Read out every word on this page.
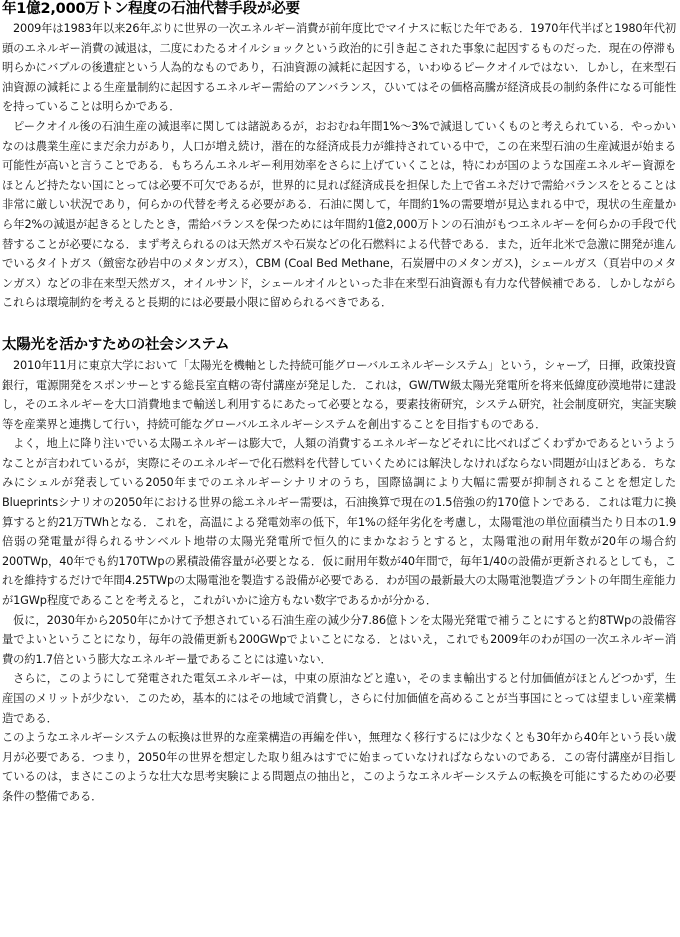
年1億2,000万トン程度の石油代替手段が必要

2009年は1983年以来26年ぶりに世界の一次エネルギー消費が前年度比でマイナスに転じた年である．1970年代半ばと1980年代初頭のエネルギー消費の減退は，二度にわたるオイルショックという政治的に引き起こされた事象に起因するものだった．現在の停滞も明らかにバブルの後遺症という人為的なものであり，石油資源の減耗に起因する，いわゆるピークオイルではない．しかし，在来型石油資源の減耗による生産量制約に起因するエネルギー需給のアンバランス，ひいてはその価格高騰が経済成長の制約条件になる可能性を持っていることは明らかである．

ピークオイル後の石油生産の減退率に関しては諸説あるが，おおむね年間1%～3%で減退していくものと考えられている．やっかいなのは農業生産にまだ余力があり，人口が増え続け，潜在的な経済成長力が維持されている中で，この在来型石油の生産減退が始まる可能性が高いと言うことである．もちろんエネルギー利用効率をさらに上げていくことは，特にわが国のような国産エネルギー資源をほとんど持たない国にとっては必要不可欠であるが，世界的に見れば経済成長を担保した上で省エネだけで需給バランスをとることは非常に厳しい状況であり，何らかの代替を考える必要がある．石油に関して，年間約1%の需要増が見込まれる中で，現状の生産量から年2%の減退が起きるとしたとき，需給バランスを保つためには年間約1億2,000万トンの石油がもつエネルギーを何らかの手段で代替することが必要になる．まず考えられるのは天然ガスや石炭などの化石燃料による代替である．また，近年北米で急激に開発が進んでいるタイトガス（緻密な砂岩中のメタンガス），CBM (Coal Bed Methane，石炭層中のメタンガス)，シェールガス（頁岩中のメタンガス）などの非在来型天然ガス，オイルサンド，シェールオイルといった非在来型石油資源も有力な代替候補である．しかしながらこれらは環境制約を考えると長期的には必要最小限に留められるべきである．

太陽光を活かすための社会システム

2010年11月に東京大学において「太陽光を機軸とした持続可能グローバルエネルギーシステム」という，シャープ，日揮，政策投資銀行，電源開発をスポンサーとする総長室直轄の寄付講座が発足した．これは，GW/TW級太陽光発電所を将来低緯度砂漠地帯に建設し，そのエネルギーを大口消費地まで輸送し利用するにあたって必要となる，要素技術研究，システム研究，社会制度研究，実証実験等を産業界と連携して行い，持続可能なグローバルエネルギーシステムを創出することを目指すものである．

よく，地上に降り注いでいる太陽エネルギーは膨大で，人類の消費するエネルギーなどそれに比べればごくわずかであるというようなことが言われているが，実際にそのエネルギーで化石燃料を代替していくためには解決しなければならない問題が山ほどある．ちなみにシェルが発表している2050年までのエネルギーシナリオのうち，国際協調により大幅に需要が抑制されることを想定したBlueprintsシナリオの2050年における世界の総エネルギー需要は，石油換算で現在の1.5倍強の約170億トンである．これは電力に換算すると約21万TWhとなる．これを，高温による発電効率の低下，年1%の経年劣化を考慮し，太陽電池の単位面積当たり日本の1.9倍弱の発電量が得られるサンベルト地帯の太陽光発電所で恒久的にまかなおうとすると，太陽電池の耐用年数が20年の場合約200TWp，40年でも約170TWpの累積設備容量が必要となる．仮に耐用年数が40年間で，毎年1/40の設備が更新されるとしても，これを維持するだけで年間4.25TWpの太陽電池を製造する設備が必要である．わが国の最新最大の太陽電池製造プラントの年間生産能力が1GWp程度であることを考えると，これがいかに途方もない数字であるかが分かる．

仮に，2030年から2050年にかけて予想されている石油生産の減少分7.86億トンを太陽光発電で補うことにすると約8TWpの設備容量でよいということになり，毎年の設備更新も200GWpでよいことになる．とはいえ，これでも2009年のわが国の一次エネルギー消費の約1.7倍という膨大なエネルギー量であることには違いない．

さらに，このようにして発電された電気エネルギーは，中東の原油などと違い，そのまま輸出すると付加価値がほとんどつかず，生産国のメリットが少ない．このため，基本的にはその地域で消費し，さらに付加価値を高めることが当事国にとっては望ましい産業構造である．

このようなエネルギーシステムの転換は世界的な産業構造の再編を伴い，無理なく移行するには少なくとも30年から40年という長い歳月が必要である．つまり，2050年の世界を想定した取り組みはすでに始まっていなければならないのである．この寄付講座が目指しているのは，まさにこのような壮大な思考実験による問題点の抽出と，このようなエネルギーシステムの転換を可能にするための必要条件の整備である．
